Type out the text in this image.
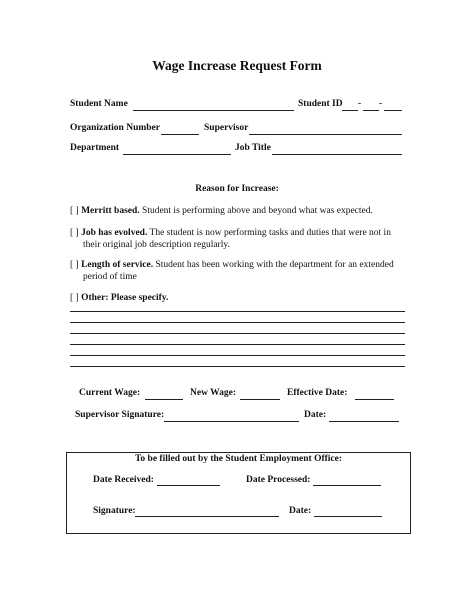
Wage Increase Request Form
Student Name	Student ID - -
Organization Number	Supervisor
Department	Job Title
Reason for Increase:
[ ] Merritt based. Student is performing above and beyond what was expected.
[ ] Job has evolved. The student is now performing tasks and duties that were not in
their original job description regularly.
[ ] Length of service. Student has been working with the department for an extended
period of time
[ ] Other: Please specify.
Current Wage:	New Wage:	Effective Date:
Supervisor Signature:	Date:
To be filled out by the Student Employment Office:
Date Received:	Date Processed:
Signature:	Date:
